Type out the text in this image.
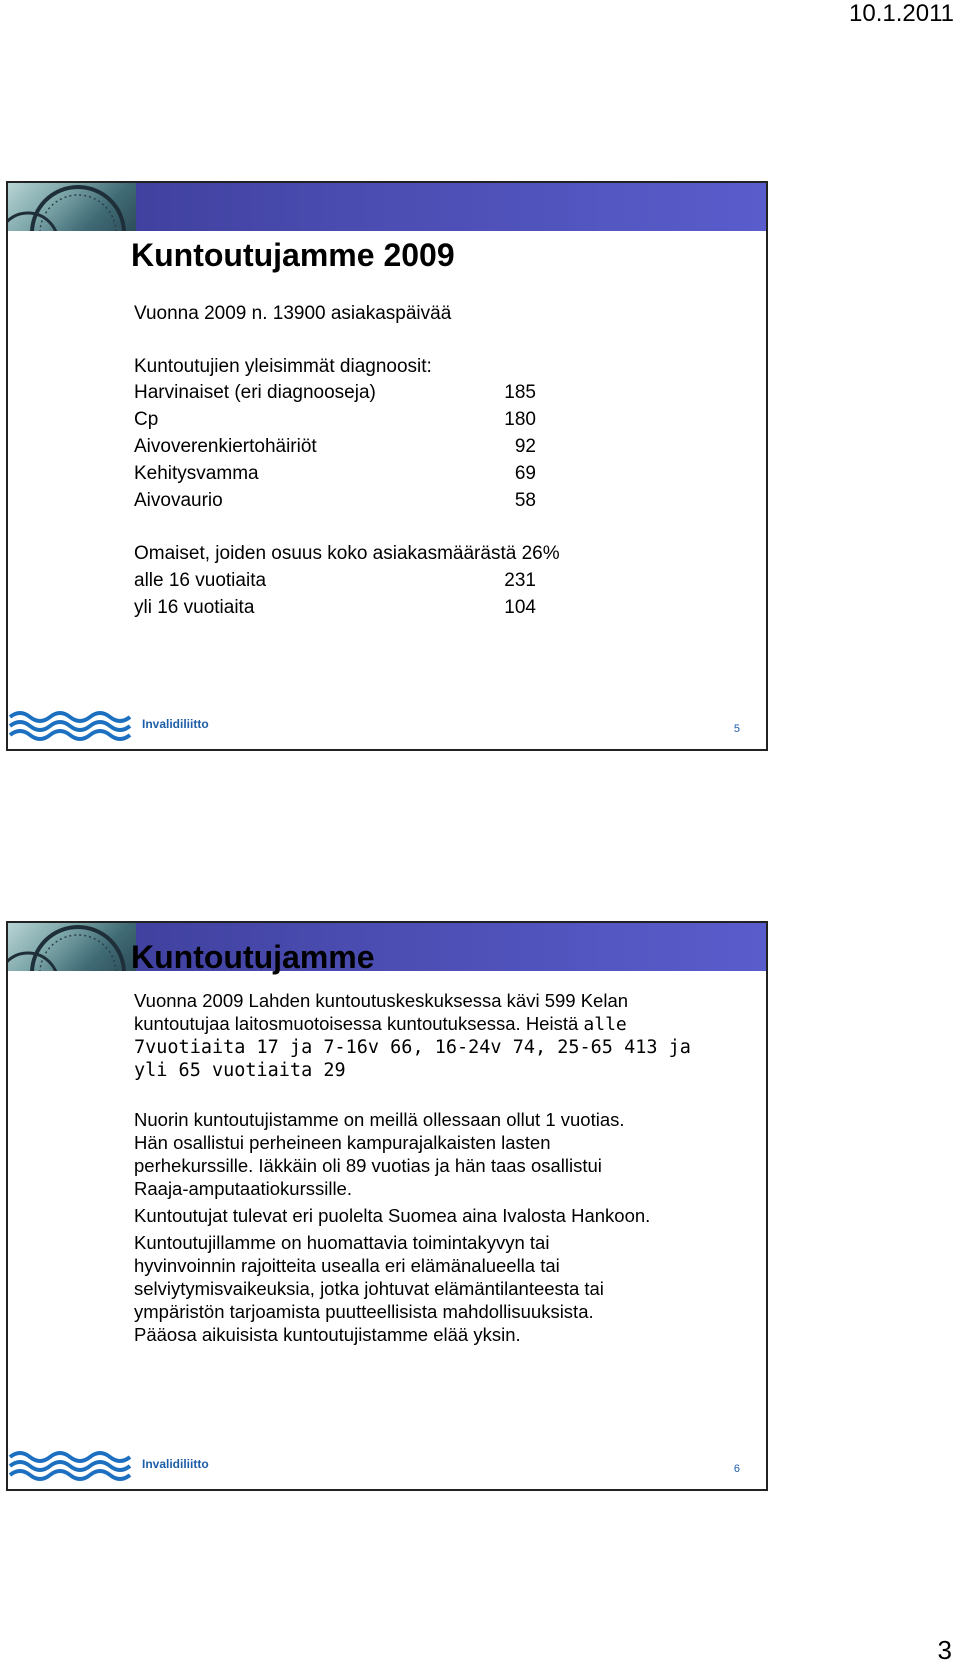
10.1.2011
Kuntoutujamme 2009
Vuonna 2009 n. 13900 asiakaspäivää
Kuntoutujien yleisimmät diagnoosit:
Harvinaiset (eri diagnooseja)	185
Cp	180
Aivoverenkiertohäiriöt	92
Kehitysvamma	69
Aivovaurio	58
Omaiset, joiden osuus koko asiakasmäärästä 26%
alle 16 vuotiaita	231
yli 16 vuotiaita	104
Invalidiliitto	5
Kuntoutujamme
Vuonna 2009 Lahden kuntoutuskeskuksessa kävi 599 Kelan
kuntoutujaa laitosmuotoisessa kuntoutuksessa. Heistä alle
7vuotiaita 17 ja 7-16v 66, 16-24v 74, 25-65 413 ja
yli 65 vuotiaita 29
Nuorin kuntoutujistamme on meillä ollessaan ollut 1 vuotias.
Hän osallistui perheineen kampurajalkaisten lasten
perhekurssille. Iäkkäin oli 89 vuotias ja hän taas osallistui
Raaja-amputaatiokurssille.
Kuntoutujat tulevat eri puolelta Suomea aina Ivalosta Hankoon.
Kuntoutujillamme on huomattavia toimintakyvyn tai
hyvinvoinnin rajoitteita usealla eri elämänalueella tai
selviytymisvaikeuksia, jotka johtuvat elämäntilanteesta tai
ympäristön tarjoamista puutteellisista mahdollisuuksista.
Pääosa aikuisista kuntoutujistamme elää yksin.
Invalidiliitto	6
3
